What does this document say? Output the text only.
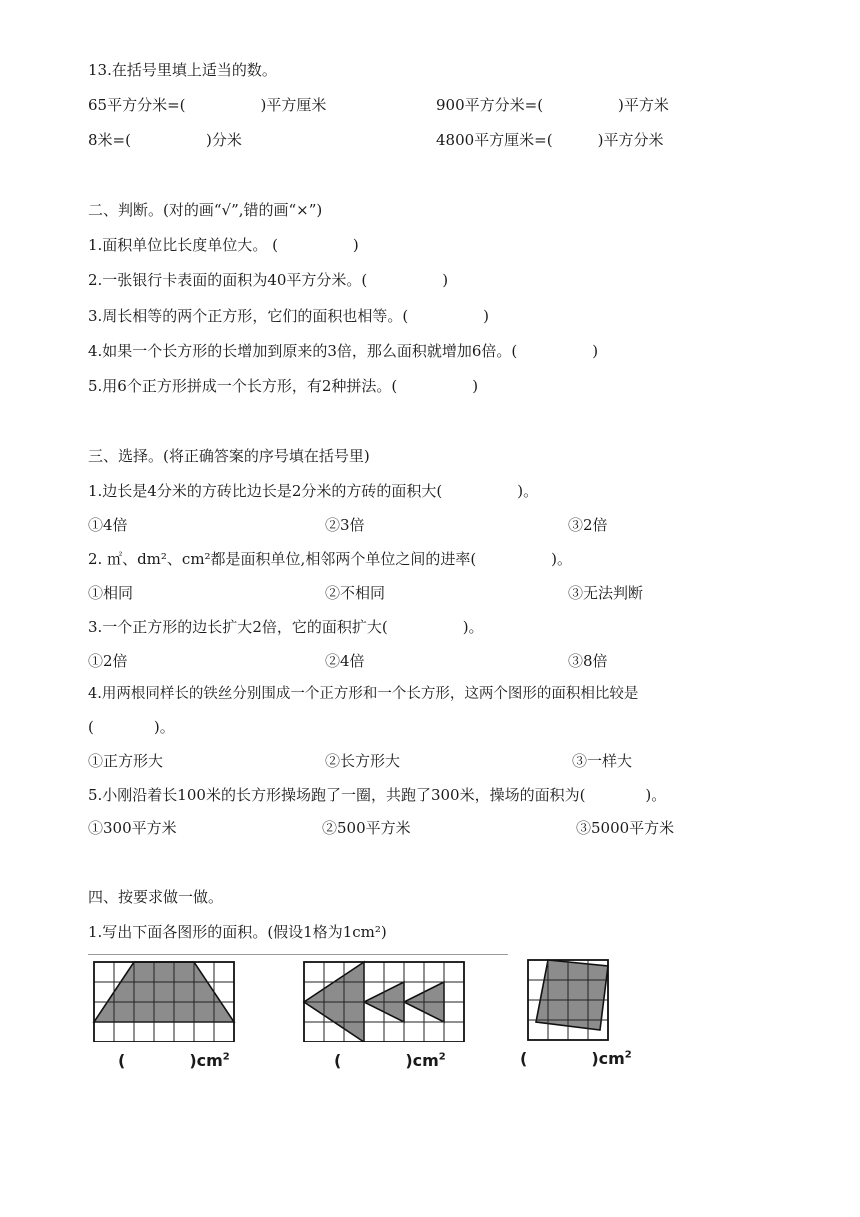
13.在括号里填上适当的数。
65平方分米=(　　　　　)平方厘米	900平方分米=(　　　　　)平方米
8米=(　　　　　)分米	4800平方厘米=(　　　)平方分米
二、判断。(对的画“√”,错的画“×”)
1.面积单位比长度单位大。 (　　　　　)
2.一张银行卡表面的面积为40平方分米。(　　　　　)
3.周长相等的两个正方形，它们的面积也相等。(　　　　　)
4.如果一个长方形的长增加到原来的3倍，那么面积就增加6倍。(　　　　　)
5.用6个正方形拼成一个长方形，有2种拼法。(　　　　　)
三、选择。(将正确答案的序号填在括号里)
1.边长是4分米的方砖比边长是2分米的方砖的面积大(　　　　　)。
①4倍	②3倍	③2倍
2. ㎡、dm²、cm²都是面积单位,相邻两个单位之间的进率(　　　　　)。
①相同	②不相同	③无法判断
3.一个正方形的边长扩大2倍，它的面积扩大(　　　　　)。
①2倍	②4倍	③8倍
4.用两根同样长的铁丝分别围成一个正方形和一个长方形，这两个图形的面积相比较是
(　　　　)。
①正方形大	②长方形大	③一样大
5.小刚沿着长100米的长方形操场跑了一圈，共跑了300米，操场的面积为(　　　　)。
①300平方米	②500平方米	③5000平方米
四、按要求做一做。
1.写出下面各图形的面积。(假设1格为1cm²)
(　　　　)$cm^2$	(　　　　)$cm^2$	(　　　　)$cm^2$
